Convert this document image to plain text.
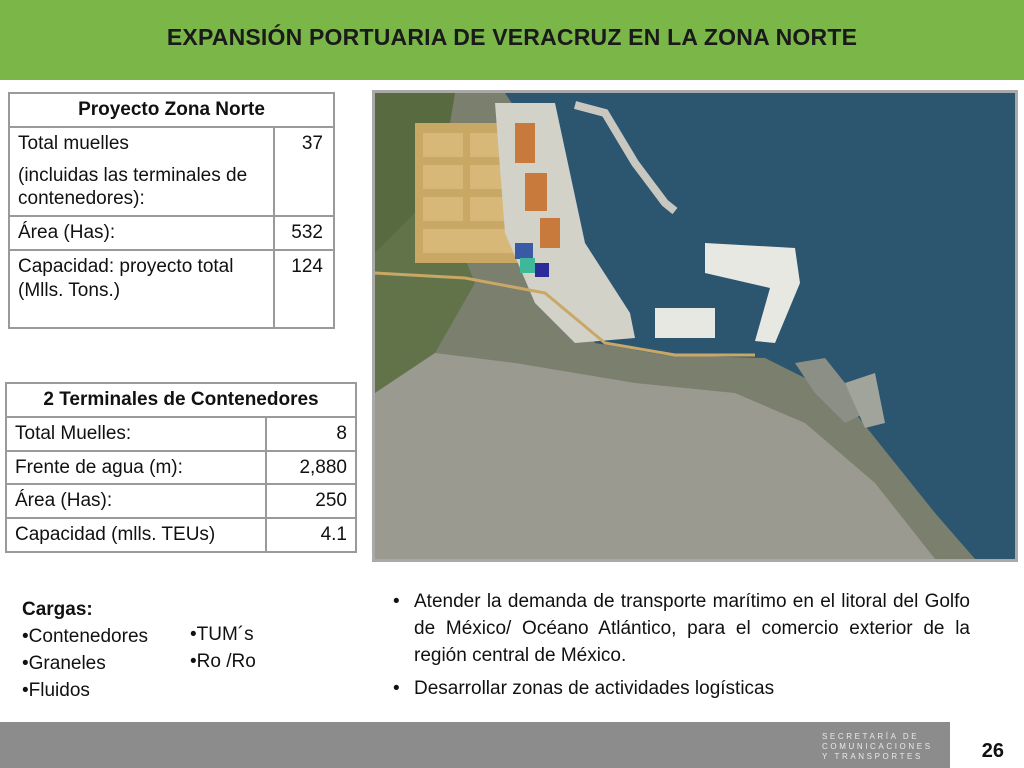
EXPANSIÓN PORTUARIA DE VERACRUZ EN LA ZONA NORTE
Proyecto Zona Norte	

Total muelles
(incluidas las terminales de contenedores):	37
Área (Has):	532
Capacidad: proyecto total (Mlls. Tons.)	124
2 Terminales de Contenedores	
Total Muelles:	8
Frente de agua (m):	2,880
Área (Has):	250
Capacidad (mlls. TEUs)	4.1
Cargas:
•Contenedores
•Graneles
•Fluidos
•TUM´s
•Ro /Ro
• Atender la demanda de transporte marítimo en el litoral del Golfo de México/ Océano Atlántico, para el comercio exterior de la región central de México.
• Desarrollar zonas de actividades logísticas
SECRETARÍA DE
COMUNICACIONES
Y TRANSPORTES	26
